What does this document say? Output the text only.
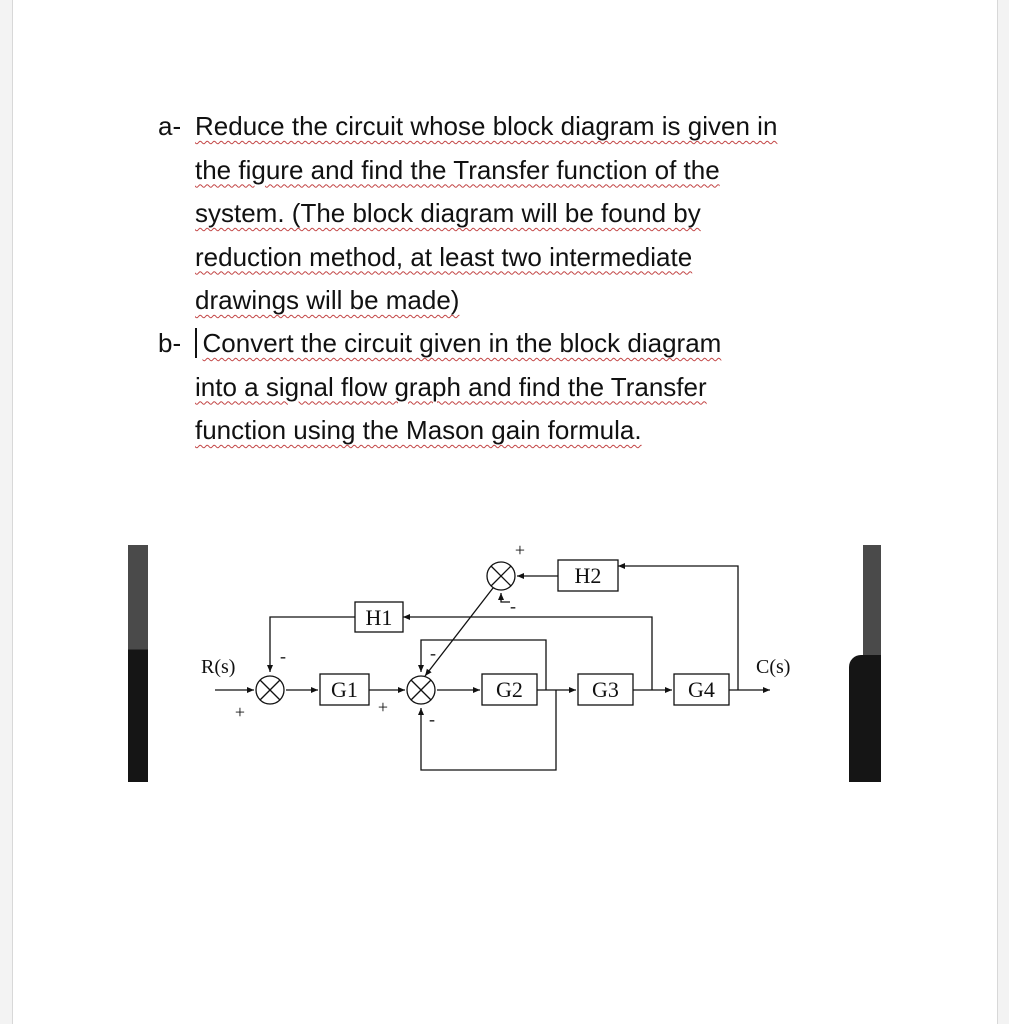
a- Reduce the circuit whose block diagram is given in
the figure and find the Transfer function of the
system. (The block diagram will be found by
reduction method, at least two intermediate
drawings will be made)
b- Convert the circuit given in the block diagram
into a signal flow graph and find the Transfer
function using the Mason gain formula.
G1	G2	G3	G4
H1
H2
R(s)	C(s)
+
-
+
-
-
+
-
